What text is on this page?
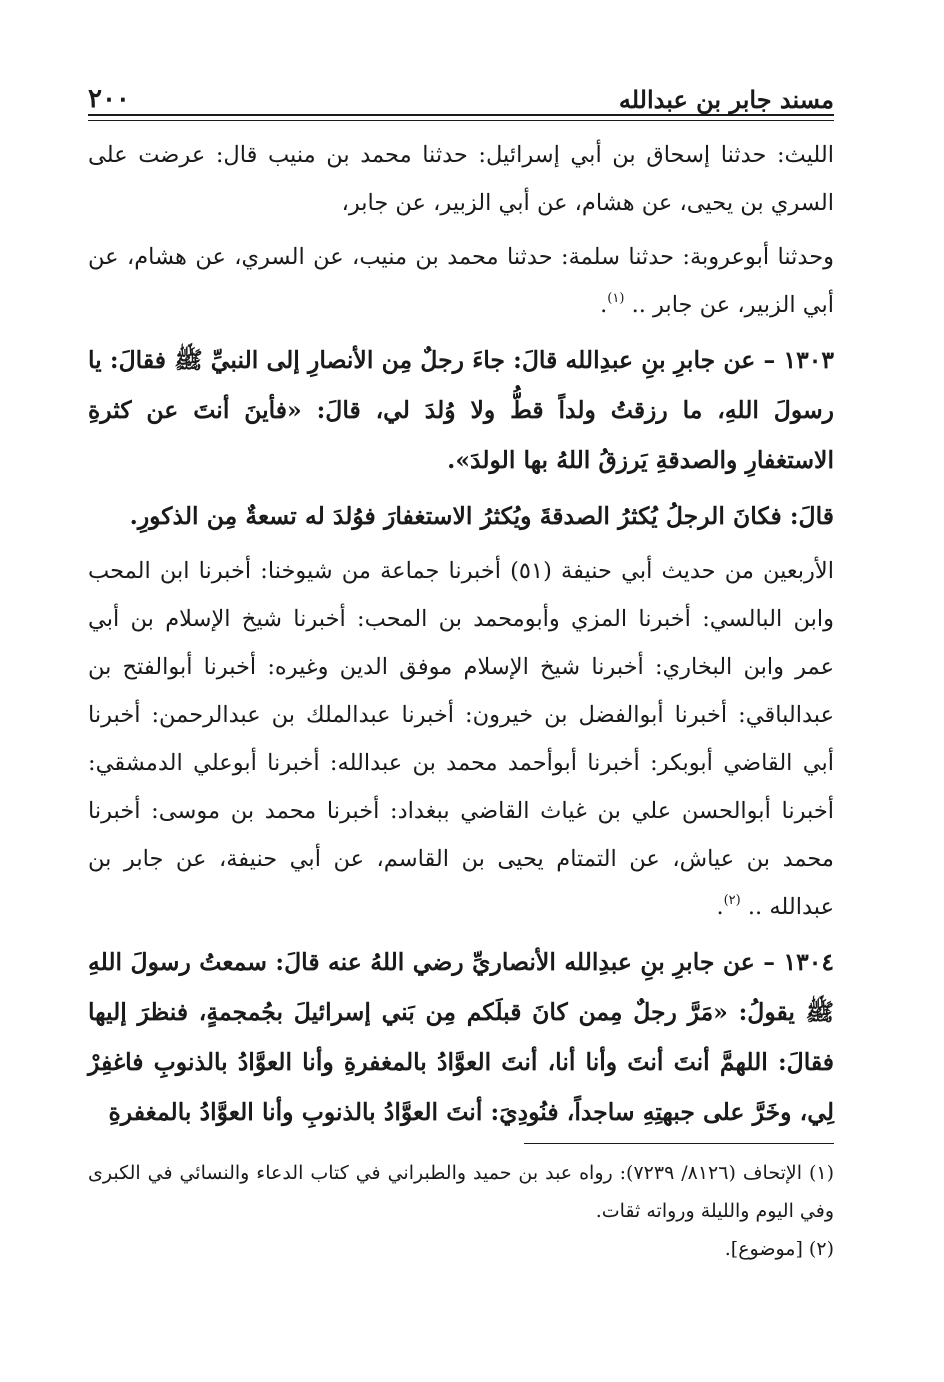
مسند جابر بن عبدالله
٢٠٠

الليث: حدثنا إسحاق بن أبي إسرائيل: حدثنا محمد بن منيب قال: عرضت على السري بن يحيى، عن هشام، عن أبي الزبير، عن جابر،

وحدثنا أبوعروبة: حدثنا سلمة: حدثنا محمد بن منيب، عن السري، عن هشام، عن أبي الزبير، عن جابر .. $^{(١)}$.

١٣٠٣ – عن جابرِ بنِ عبدِالله قالَ: جاءَ رجلٌ مِن الأنصارِ إلى النبيِّ ﷺ فقالَ: يا رسولَ اللهِ، ما رزقتُ ولداً قطُّ ولا وُلدَ لي، قالَ: «فأينَ أنتَ عن كثرةِ الاستغفارِ والصدقةِ يَرزقُ اللهُ بها الولدَ».

قالَ: فكانَ الرجلُ يُكثرُ الصدقةَ ويُكثرُ الاستغفارَ فوُلدَ له تسعةٌ مِن الذكورِ.

الأربعين من حديث أبي حنيفة (٥١) أخبرنا جماعة من شيوخنا: أخبرنا ابن المحب وابن البالسي: أخبرنا المزي وأبومحمد بن المحب: أخبرنا شيخ الإسلام بن أبي عمر وابن البخاري: أخبرنا شيخ الإسلام موفق الدين وغيره: أخبرنا أبوالفتح بن عبدالباقي: أخبرنا أبوالفضل بن خيرون: أخبرنا عبدالملك بن عبدالرحمن: أخبرنا أبي القاضي أبوبكر: أخبرنا أبوأحمد محمد بن عبدالله: أخبرنا أبوعلي الدمشقي: أخبرنا أبوالحسن علي بن غياث القاضي ببغداد: أخبرنا محمد بن موسى: أخبرنا محمد بن عياش، عن التمتام يحيى بن القاسم، عن أبي حنيفة، عن جابر بن عبدالله .. $^{(٢)}$.

١٣٠٤ – عن جابرِ بنِ عبدِالله الأنصاريِّ رضي اللهُ عنه قالَ: سمعتُ رسولَ اللهِ ﷺ يقولُ: «مَرَّ رجلٌ مِمن كانَ قبلَكم مِن بَني إسرائيلَ بجُمجمةٍ، فنظرَ إليها فقالَ: اللهمَّ أنتَ أنتَ وأنا أنا، أنتَ العوَّادُ بالمغفرةِ وأنا العوَّادُ بالذنوبِ فاغفِرْ لِي، وخَرَّ على جبهتِهِ ساجداً، فنُودِيَ: أنتَ العوَّادُ بالذنوبِ وأنا العوَّادُ بالمغفرةِ

(١) الإتحاف (٨١٢٦/ ٧٢٣٩): رواه عبد بن حميد والطبراني في كتاب الدعاء والنسائي في الكبرى وفي اليوم والليلة ورواته ثقات.

(٢) [موضوع].
